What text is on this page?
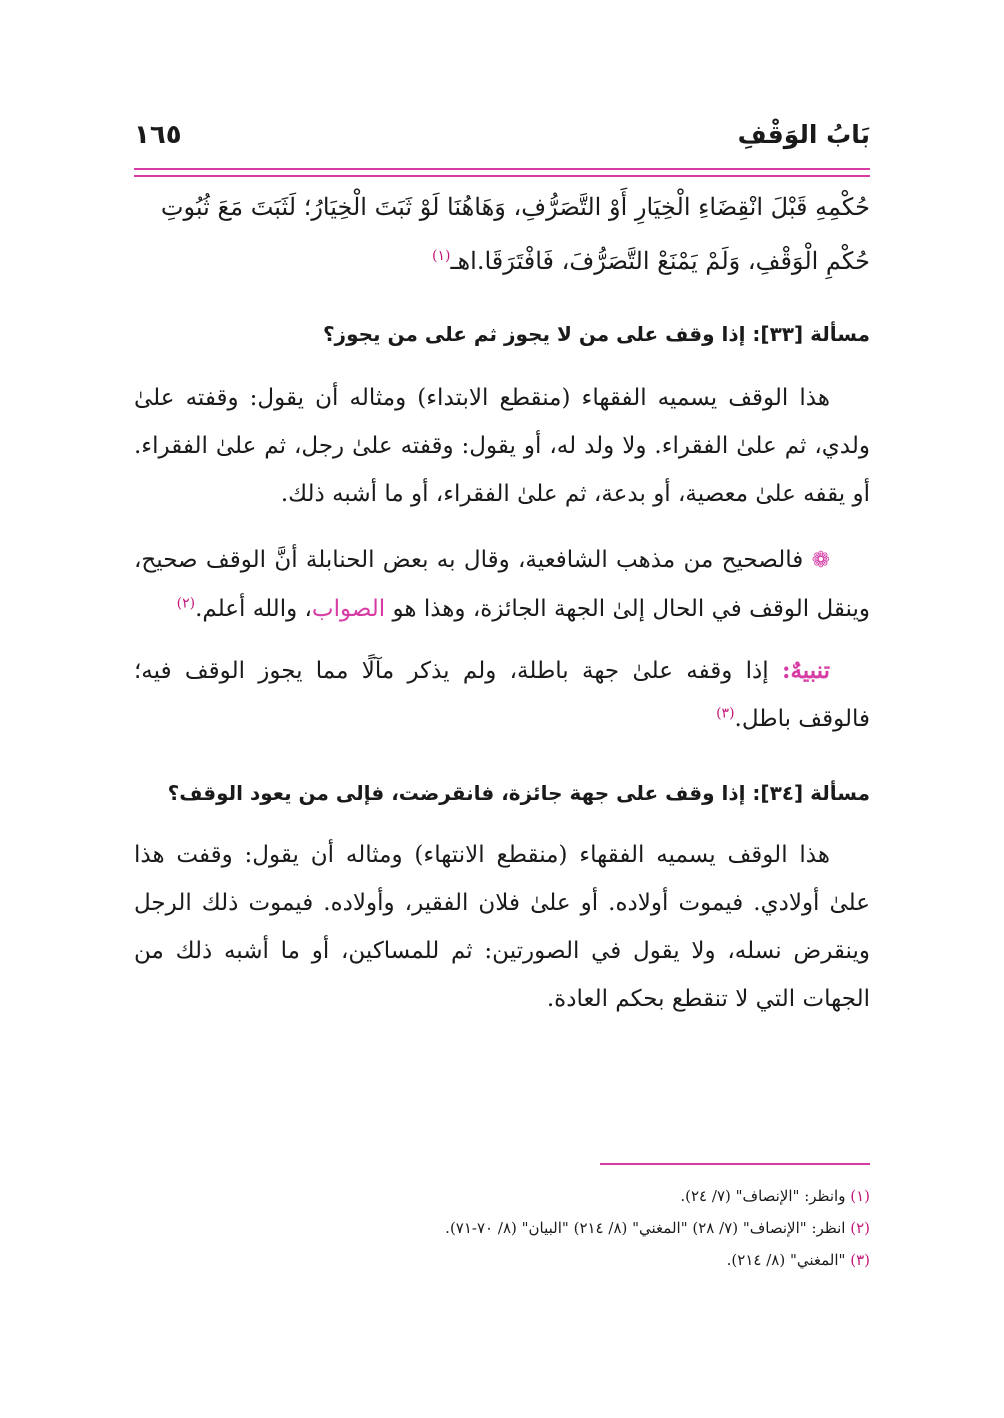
بَابُ الوَقْفِ
١٦٥

حُكْمِهِ قَبْلَ انْقِضَاءِ الْخِيَارِ أَوْ التَّصَرُّفِ، وَهَاهُنَا لَوْ ثَبَتَ الْخِيَارُ؛ لَثَبَتَ مَعَ ثُبُوتِ

حُكْمِ الْوَقْفِ، وَلَمْ يَمْنَعْ التَّصَرُّفَ، فَافْتَرَقَا.اهـ$^{(١)}$

مسألة [٣٣]: إذا وقف على من لا يجوز ثم على من يجوز؟

هذا الوقف يسميه الفقهاء (منقطع الابتداء) ومثاله أن يقول: وقفته علىٰ ولدي، ثم علىٰ الفقراء. ولا ولد له، أو يقول: وقفته علىٰ رجل، ثم علىٰ الفقراء. أو يقفه علىٰ معصية، أو بدعة، ثم علىٰ الفقراء، أو ما أشبه ذلك.

❁ فالصحيح من مذهب الشافعية، وقال به بعض الحنابلة أنَّ الوقف صحيح، وينقل الوقف في الحال إلىٰ الجهة الجائزة، وهذا هو الصواب، والله أعلم.$^{(٢)}$

تنبيهٌ: إذا وقفه علىٰ جهة باطلة، ولم يذكر مآلًا مما يجوز الوقف فيه؛ فالوقف باطل.$^{(٣)}$

مسألة [٣٤]: إذا وقف على جهة جائزة، فانقرضت، فإلى من يعود الوقف؟

هذا الوقف يسميه الفقهاء (منقطع الانتهاء) ومثاله أن يقول: وقفت هذا علىٰ أولادي. فيموت أولاده. أو علىٰ فلان الفقير، وأولاده. فيموت ذلك الرجل وينقرض نسله، ولا يقول في الصورتين: ثم للمساكين، أو ما أشبه ذلك من الجهات التي لا تنقطع بحكم العادة.

(١) وانظر: "الإنصاف" (٧/ ٢٤).
(٢) انظر: "الإنصاف" (٧/ ٢٨) "المغني" (٨/ ٢١٤) "البيان" (٨/ ٧٠-٧١).
(٣) "المغني" (٨/ ٢١٤).
